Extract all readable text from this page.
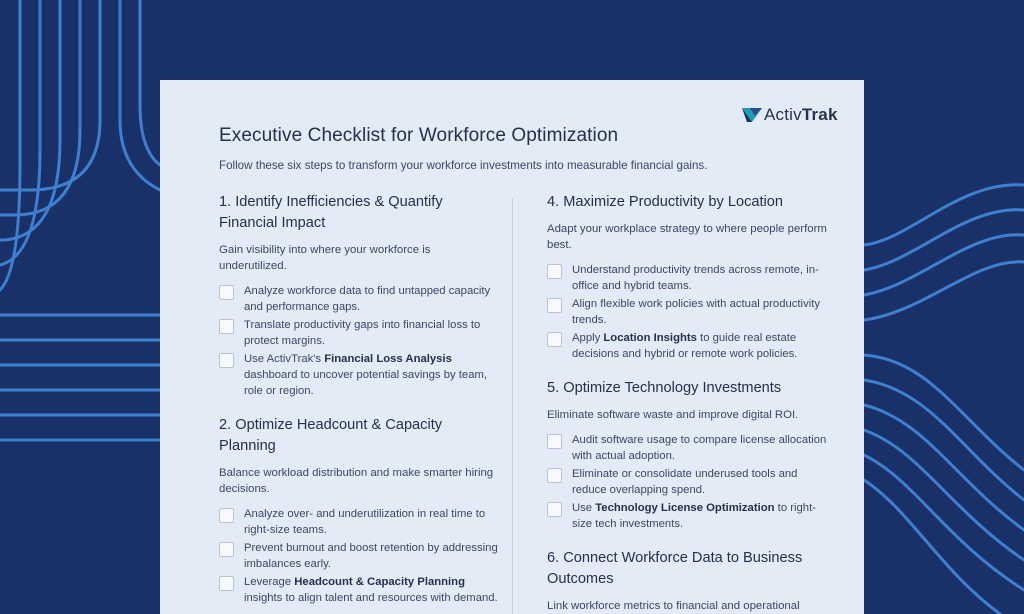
ActivTrak
Executive Checklist for Workforce Optimization
Follow these six steps to transform your workforce investments into measurable financial gains.
1. Identify Inefficiencies & Quantify Financial Impact
Gain visibility into where your workforce is underutilized.
Analyze workforce data to find untapped capacity and performance gaps.
Translate productivity gaps into financial loss to protect margins.
Use ActivTrak's Financial Loss Analysis dashboard to uncover potential savings by team, role or region.
2. Optimize Headcount & Capacity Planning
Balance workload distribution and make smarter hiring decisions.
Analyze over- and underutilization in real time to right-size teams.
Prevent burnout and boost retention by addressing imbalances early.
Leverage Headcount & Capacity Planning insights to align talent and resources with demand.
4. Maximize Productivity by Location
Adapt your workplace strategy to where people perform best.
Understand productivity trends across remote, in-office and hybrid teams.
Align flexible work policies with actual productivity trends.
Apply Location Insights to guide real estate decisions and hybrid or remote work policies.
5. Optimize Technology Investments
Eliminate software waste and improve digital ROI.
Audit software usage to compare license allocation with actual adoption.
Eliminate or consolidate underused tools and reduce overlapping spend.
Use Technology License Optimization to right-size tech investments.
6. Connect Workforce Data to Business Outcomes
Link workforce metrics to financial and operational
